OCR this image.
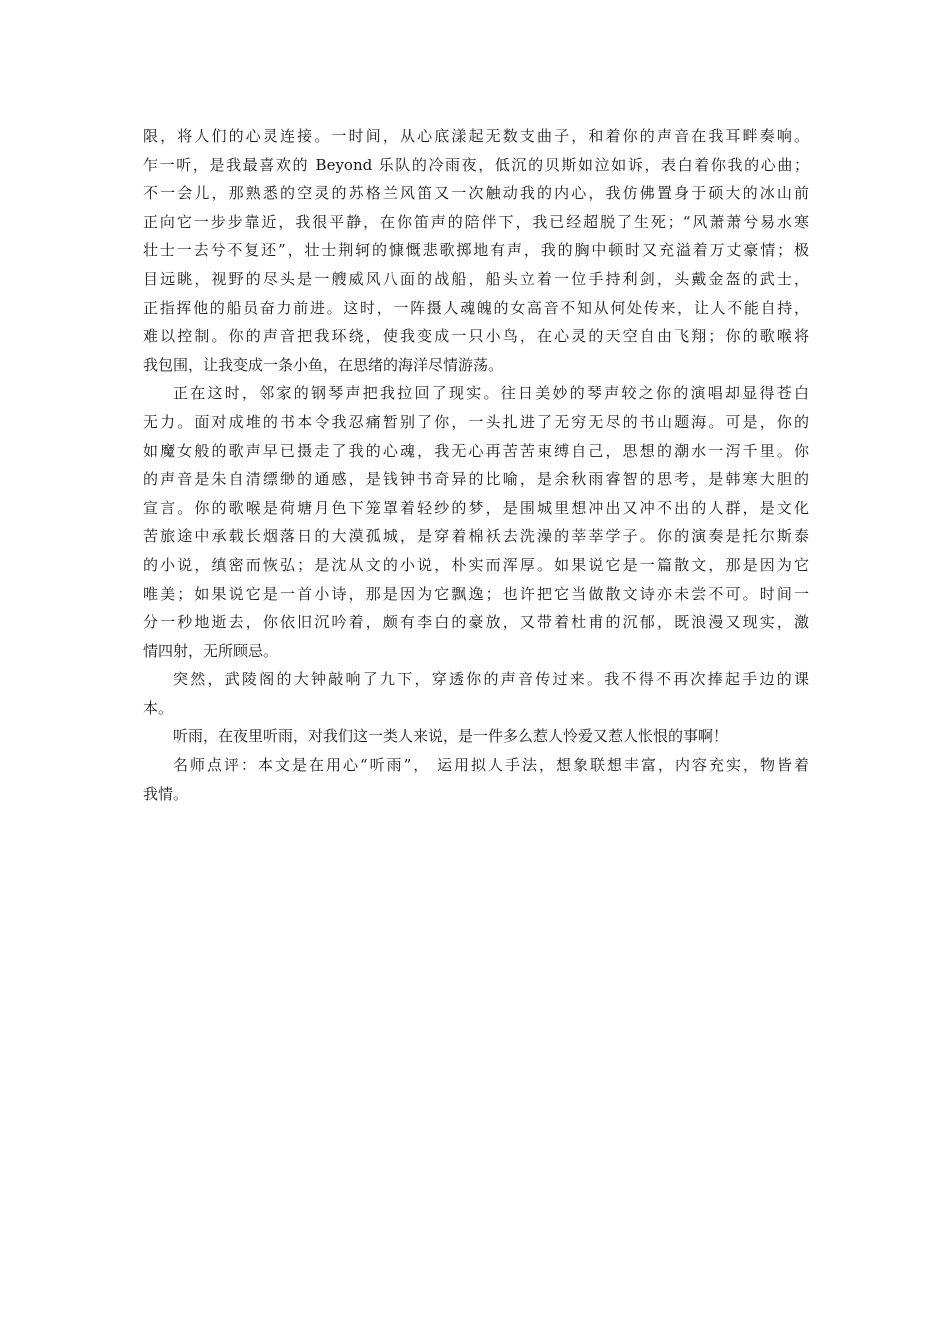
限，将人们的心灵连接。一时间，从心底漾起无数支曲子，和着你的声音在我耳畔奏响。
乍一听，是我最喜欢的 Beyond 乐队的冷雨夜，低沉的贝斯如泣如诉，表白着你我的心曲；
不一会儿，那熟悉的空灵的苏格兰风笛又一次触动我的内心，我仿佛置身于硕大的冰山前
正向它一步步靠近，我很平静，在你笛声的陪伴下，我已经超脱了生死；“风萧萧兮易水寒
壮士一去兮不复还”，壮士荆轲的慷慨悲歌掷地有声，我的胸中顿时又充溢着万丈豪情；极
目远眺，视野的尽头是一艘威风八面的战船，船头立着一位手持利剑，头戴金盔的武士，
正指挥他的船员奋力前进。这时，一阵摄人魂魄的女高音不知从何处传来，让人不能自持，
难以控制。你的声音把我环绕，使我变成一只小鸟，在心灵的天空自由飞翔；你的歌喉将
我包围，让我变成一条小鱼，在思绪的海洋尽情游荡。
正在这时，邻家的钢琴声把我拉回了现实。往日美妙的琴声较之你的演唱却显得苍白
无力。面对成堆的书本令我忍痛暂别了你，一头扎进了无穷无尽的书山题海。可是，你的
如魔女般的歌声早已摄走了我的心魂，我无心再苦苦束缚自己，思想的潮水一泻千里。你
的声音是朱自清缥缈的通感，是钱钟书奇异的比喻，是余秋雨睿智的思考，是韩寒大胆的
宣言。你的歌喉是荷塘月色下笼罩着轻纱的梦，是围城里想冲出又冲不出的人群，是文化
苦旅途中承载长烟落日的大漠孤城，是穿着棉袄去洗澡的莘莘学子。你的演奏是托尔斯泰
的小说，缜密而恢弘；是沈从文的小说，朴实而浑厚。如果说它是一篇散文，那是因为它
唯美；如果说它是一首小诗，那是因为它飘逸；也许把它当做散文诗亦未尝不可。时间一
分一秒地逝去，你依旧沉吟着，颇有李白的豪放，又带着杜甫的沉郁，既浪漫又现实，激
情四射，无所顾忌。
突然，武陵阁的大钟敲响了九下，穿透你的声音传过来。我不得不再次捧起手边的课
本。
听雨，在夜里听雨，对我们这一类人来说，是一件多么惹人怜爱又惹人怅恨的事啊！
名师点评：本文是在用心“听雨”， 运用拟人手法，想象联想丰富，内容充实，物皆着
我情。
